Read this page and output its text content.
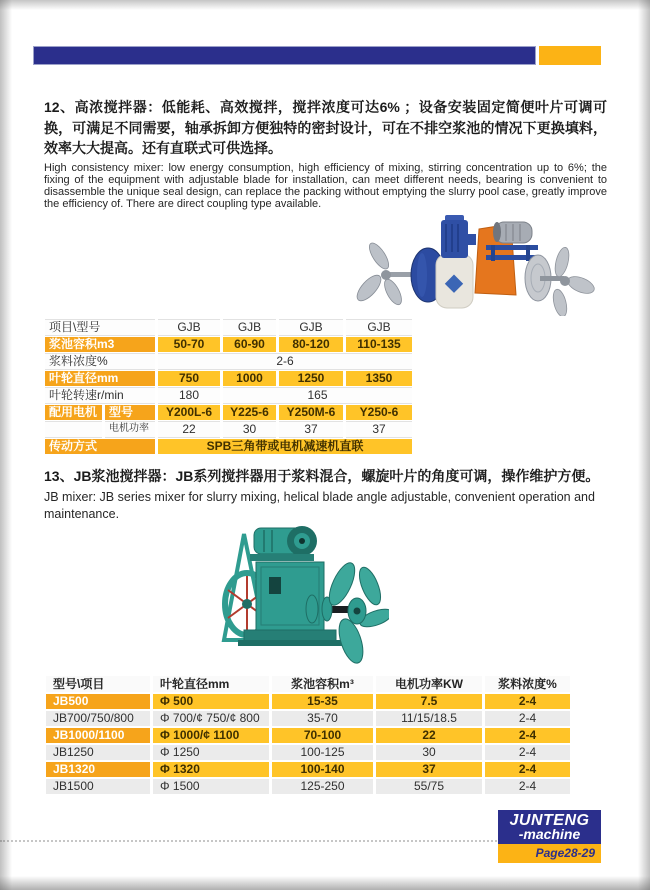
12、高浓搅拌器：低能耗、高效搅拌，搅拌浓度可达6% ；设备安装固定简便叶片可调可换，可满足不同需要，轴承拆卸方便独特的密封设计，可在不排空浆池的情况下更换填料，效率大大提高。还有直联式可供选择。
High consistency mixer: low energy consumption, high efficiency of mixing, stirring concentration up to 6%; the fixing of the equipment with adjustable blade for installation, can meet different needs, bearing is convenient to disassemble the unique seal design, can replace the packing without emptying the slurry pool case, greatly improve the efficiency of. There are direct coupling type available.
项目\型号		GJB	GJB	GJB	GJB
浆池容积m3		50-70	60-90	80-120	110-135
浆料浓度%		2-6			
叶轮直径mm		750	1000	1250	1350
叶轮转速r/min		180	165		
配用电机	型号	Y200L-6	Y225-6	Y250M-6	Y250-6
	电机功率	22	30	37	37
传动方式		SPB三角带或电机减速机直联			
13、JB浆池搅拌器：JB系列搅拌器用于浆料混合，螺旋叶片的角度可调，操作维护方便。
JB mixer: JB series mixer for slurry mixing, helical blade angle adjustable, convenient operation and maintenance.
型号\项目	叶轮直径mm	浆池容积m³	电机功率KW	浆料浓度%
JB500	Φ 500	15-35	7.5	2-4
JB700/750/800	Φ 700/¢ 750/¢ 800	35-70	11/15/18.5	2-4
JB1000/1100	Φ 1000/¢ 1100	70-100	22	2-4
JB1250	Φ 1250	100-125	30	2-4
JB1320	Φ 1320	100-140	37	2-4
JB1500	Φ 1500	125-250	55/75	2-4
JUNTENG
-machine
Page28-29
